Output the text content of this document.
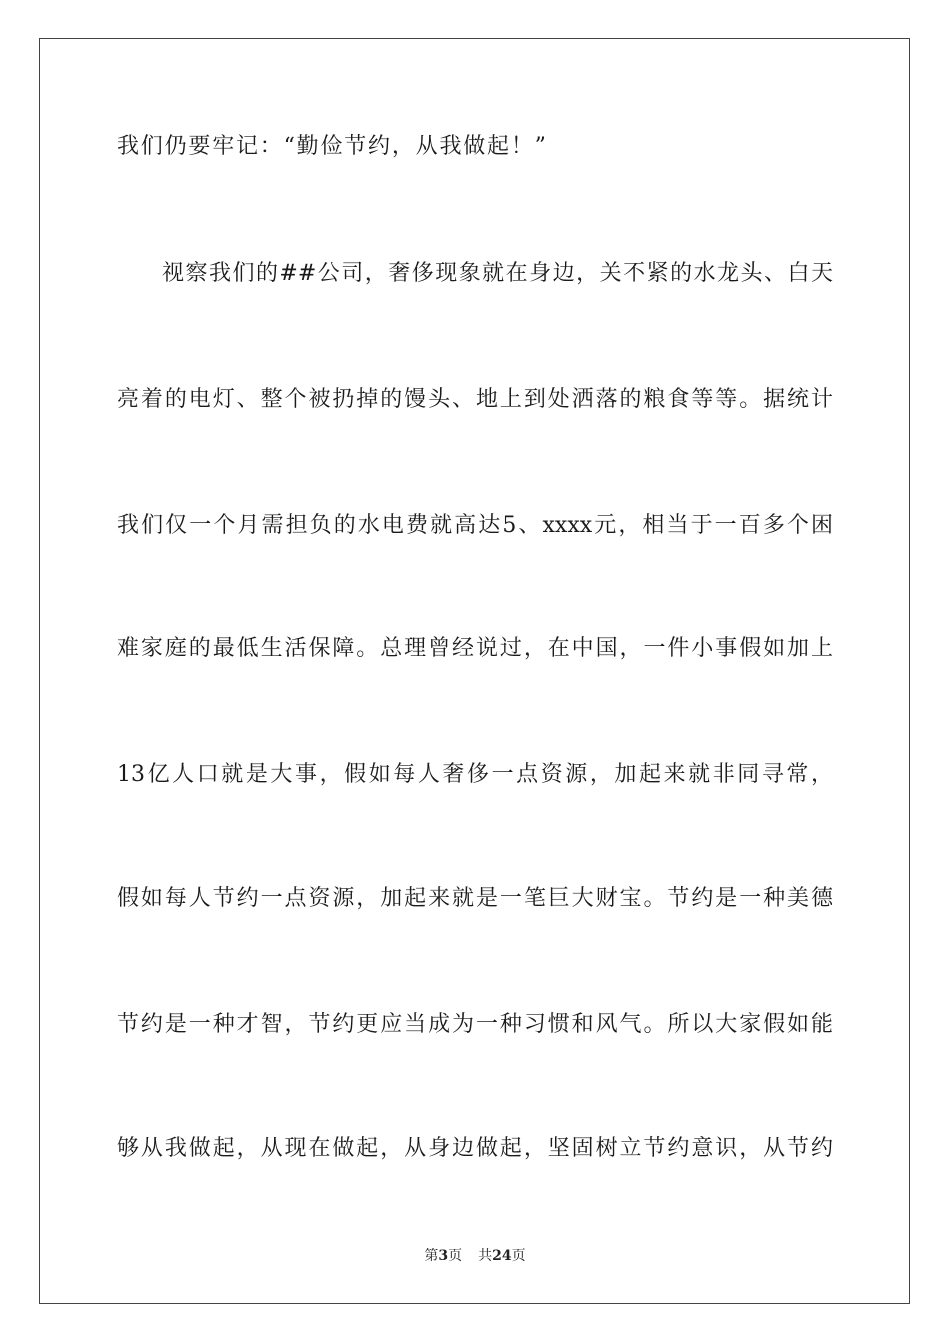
我们仍要牢记：“勤俭节约，从我做起！”
视察我们的##公司，奢侈现象就在身边，关不紧的水龙头、白天
亮着的电灯、整个被扔掉的馒头、地上到处洒落的粮食等等。据统计
我们仅一个月需担负的水电费就高达5、xxxx元，相当于一百多个困
难家庭的最低生活保障。总理曾经说过，在中国，一件小事假如加上
13亿人口就是大事，假如每人奢侈一点资源，加起来就非同寻常，
假如每人节约一点资源，加起来就是一笔巨大财宝。节约是一种美德
节约是一种才智，节约更应当成为一种习惯和风气。所以大家假如能
够从我做起，从现在做起，从身边做起，坚固树立节约意识，从节约
第3页 共24页
